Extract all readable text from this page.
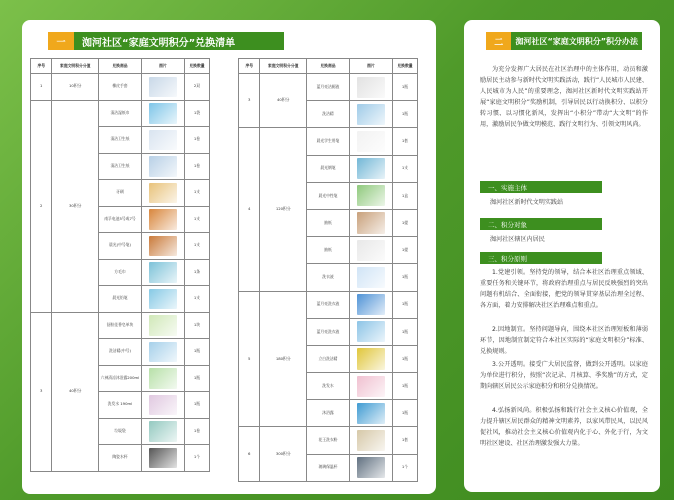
一	洳河社区“家庭文明积分”兑换清单
序号	家庭文明积分分值	兑换商品	图片	兑换数量
1	10积分	橡皮手套		2双
2	30积分	清洁湿纸巾		1袋
		清洁卫生纸		1卷
		清洁卫生纸		1卷
		牙刷		1支
		南孚电池5号或7号		1支
		晨光(中号笔)		1支
		方毛巾		1条
		晨光铅笔		1支
3	40积分	舒肤佳香皂单块		1块
		洗洁精(中号)		1瓶
		六神清凉沐浴露200ml		1瓶
		洗发水 190ml		1瓶
		垃圾袋		1卷
		陶瓷水杯		1个
序号	家庭文明积分分值	兑换商品	图片	兑换数量
3	40积分	蓝月亮洁厕液		1瓶
		洗洁精		1瓶
4	120积分	晨光学生用笔		1套
		晨光钢笔		1支
		晨光中性笔		1盒
		抽纸		1提
		抽纸		1提
		洗衣液		1瓶
5	180积分	蓝月亮洗衣液		1瓶
		蓝月亮洗衣液		1瓶
		立白洗洁精		1瓶
		洗发水		1瓶
		沐浴露		1瓶
6	300积分	花王洗衣粉		1套
		玻璃保温杯		1个
二	洳河社区“家庭文明积分”积分办法
为充分发挥广大居民在社区治理中的主体作用，动员和激励居民主动参与新时代文明实践活动，践行“人民城市人民建、人民城市为人民”的重要理念，洳河社区新时代文明实践站开展“家庭文明积分”奖励机制，引导居民以行动换积分、以积分转习惯、以习惯化新风，发挥出“小积分”带动“大文明”的作用，激励居民争做文明模范、践行文明行为、引领文明风尚。
一、实施主体
洳河社区新时代文明实践站
二、积分对象
洳河社区辖区内居民
三、积分原则
1.党建引领。坚持党的领导，结合本社区治理重点领域、重要任务和关键环节，将政府治理重点与居民反映强烈的突出问题有机结合、全面衔接，把党的领导贯穿基层治理全过程、各方面，着力安排解决社区治理难点和重点。
2.因地制宜。坚持问题导向，围绕本社区治理短板和薄弱环节，因地制宜制定符合本社区实际的“家庭文明积分”标准、兑换规则。
3.公开透明。接受广大居民监督，做到公开透明。以家庭为单位进行积分，按照“次记录、月核算、季奖励”的方式，定期向辖区居民公示家庭积分和积分兑换情况。
4.弘扬新风尚。积极弘扬和践行社会主义核心价值观，全力提升辖区居民群众的精神文明素养，以家风带民风，以民风促社风，推动社会主义核心价值观内化于心、外化于行，为文明社区建设、社区治理激发强大力量。
